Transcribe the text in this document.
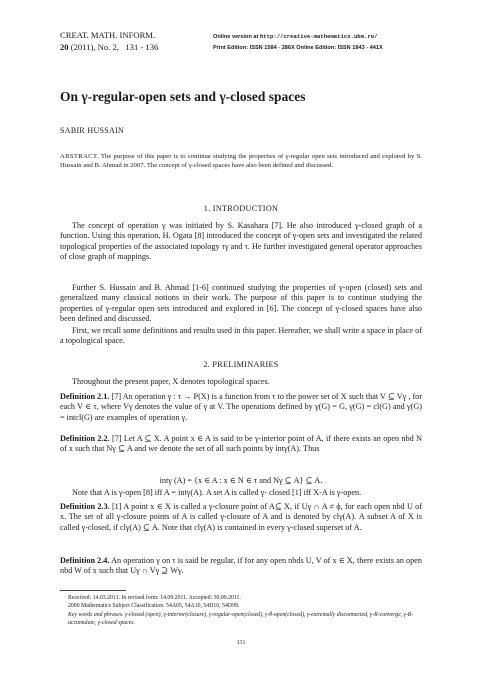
CREAT. MATH. INFORM.
20 (2011), No. 2, 131 - 136
Online version at http://creative-mathematics.ubm.ro/
Print Edition: ISSN 1584 - 286X Online Edition: ISSN 1843 - 441X
On γ-regular-open sets and γ-closed spaces
SABIR HUSSAIN
ABSTRACT. The purpose of this paper is to continue studying the properties of γ-regular open sets introduced and explored by S. Hussain and B. Ahmad in 2007. The concept of γ-closed spaces have also been defined and discussed.
1. INTRODUCTION
The concept of operation γ was initiated by S. Kasahara [7]. He also introduced γ-closed graph of a function. Using this operation, H. Ogata [8] introduced the concept of γ-open sets and investigated the related topological properties of the associated topology τγ and τ. He further investigated general operator approaches of close graph of mappings.
Further S. Hussain and B. Ahmad [1-6] continued studying the properties of γ-open (closed) sets and generalized many classical notions in their work. The purpose of this paper is to continue studying the properties of γ-regular open sets introduced and explored in [6]. The concept of γ-closed spaces have also been defined and discussed.
First, we recall some definitions and results used in this paper. Hereafter, we shall write a space in place of a topological space.
2. PRELIMINARIES
Throughout the present paper, X denotes topological spaces.
Definition 2.1. [7] An operation γ : τ → P(X) is a function from τ to the power set of X such that V ⊆ Vγ , for each V ∈ τ, where Vγ denotes the value of γ at V. The operations defined by γ(G) = G, γ(G) = cl(G) and γ(G) = intcl(G) are examples of operation γ.
Definition 2.2. [7] Let A ⊆ X. A point x ∈ A is said to be γ-interior point of A, if there exists an open nbd N of x such that Nγ ⊆ A and we denote the set of all such points by intγ(A). Thus
intγ (A) = {x ∈ A : x ∈ N ∈ τ and Nγ ⊆ A} ⊆ A.
Note that A is γ-open [8] iff A = intγ(A). A set A is called γ- closed [1] iff X-A is γ-open.
Definition 2.3. [1] A point x ∈ X is called a γ-closure point of A⊆ X, if Uγ ∩ A ≠ ϕ, for each open nbd U of x. The set of all γ-closure points of A is called γ-closure of A and is denoted by clγ(A). A subset A of X is called γ-closed, if clγ(A) ⊆ A. Note that clγ(A) is contained in every γ-closed superset of A.
Definition 2.4. An operation γ on τ is said be regular, if for any open nbds U, V of x ∈ X, there exists an open nbd W of x such that Uγ ∩ Vγ ⊇ Wγ.
Received: 14.03.2011. In revised form: 14.09.2011. Accepted: 30.09.2011.
2000 Mathematics Subject Classification. 54A05, 54A10, 54D10, 54D99.
Key words and phrases. γ-closed (open), γ-interior(closure), γ-regular-open(closed), γ-θ-open(closed), γ-extremally disconnected, γ-R-converge, γ-R-accumulate, γ-closed spaces.
131
